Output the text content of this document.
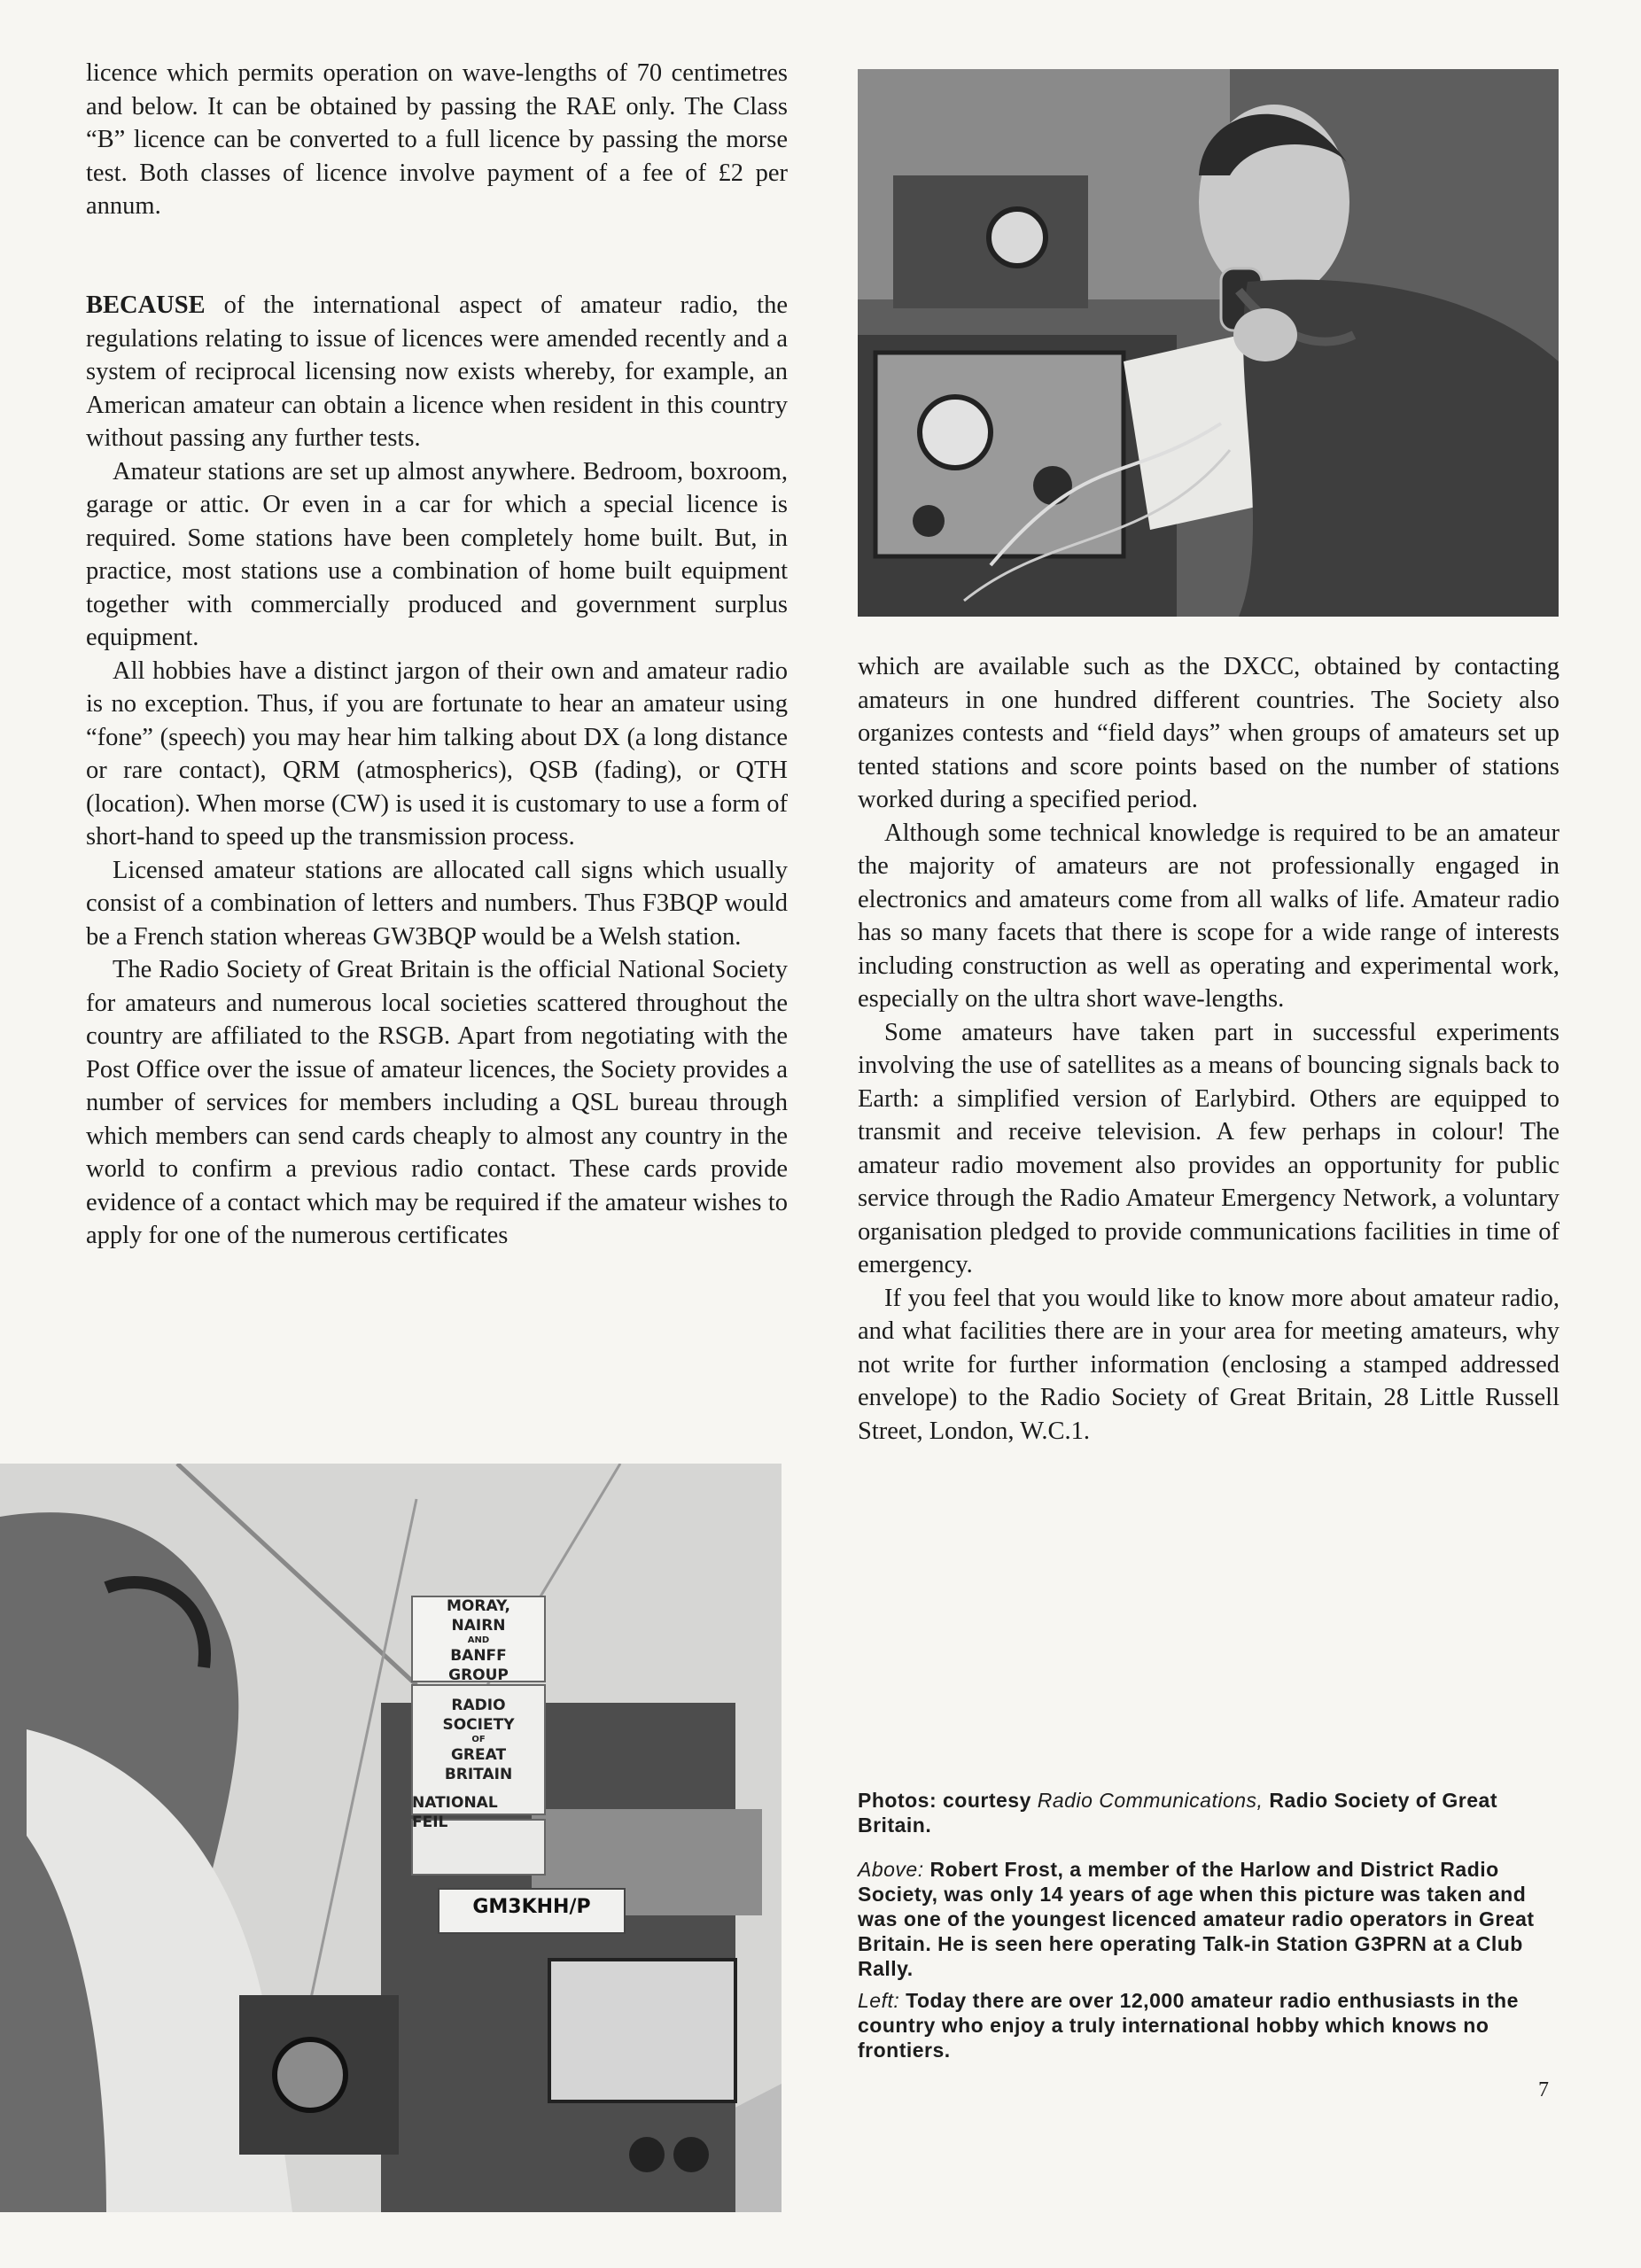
licence which permits operation on wave-lengths of 70 centimetres and below. It can be obtained by passing the RAE only. The Class “B” licence can be converted to a full licence by passing the morse test. Both classes of licence involve payment of a fee of £2 per annum.

BECAUSE of the international aspect of amateur radio, the regulations relating to issue of licences were amended recently and a system of reciprocal licensing now exists whereby, for example, an American amateur can obtain a licence when resident in this country without passing any further tests.

Amateur stations are set up almost anywhere. Bedroom, boxroom, garage or attic. Or even in a car for which a special licence is required. Some stations have been completely home built. But, in practice, most stations use a combination of home built equipment together with commercially produced and government surplus equipment.

All hobbies have a distinct jargon of their own and amateur radio is no exception. Thus, if you are fortunate to hear an amateur using “fone” (speech) you may hear him talking about DX (a long distance or rare contact), QRM (atmospherics), QSB (fading), or QTH (location). When morse (CW) is used it is customary to use a form of short-hand to speed up the transmission process.

Licensed amateur stations are allocated call signs which usually consist of a combination of letters and numbers. Thus F3BQP would be a French station whereas GW3BQP would be a Welsh station.

The Radio Society of Great Britain is the official National Society for amateurs and numerous local societies scattered throughout the country are affiliated to the RSGB. Apart from negotiating with the Post Office over the issue of amateur licences, the Society provides a number of services for members including a QSL bureau through which members can send cards cheaply to almost any country in the world to confirm a previous radio contact. These cards provide evidence of a contact which may be required if the amateur wishes to apply for one of the numerous certificates

which are available such as the DXCC, obtained by contacting amateurs in one hundred different countries. The Society also organizes contests and “field days” when groups of amateurs set up tented stations and score points based on the number of stations worked during a specified period.

Although some technical knowledge is required to be an amateur the majority of amateurs are not professionally engaged in electronics and amateurs come from all walks of life. Amateur radio has so many facets that there is scope for a wide range of interests including construction as well as operating and experimental work, especially on the ultra short wave-lengths.

Some amateurs have taken part in successful experiments involving the use of satellites as a means of bouncing signals back to Earth: a simplified version of Earlybird. Others are equipped to transmit and receive television. A few perhaps in colour! The amateur radio movement also provides an opportunity for public service through the Radio Amateur Emergency Network, a voluntary organisation pledged to provide communications facilities in time of emergency.

If you feel that you would like to know more about amateur radio, and what facilities there are in your area for meeting amateurs, why not write for further information (enclosing a stamped addressed envelope) to the Radio Society of Great Britain, 28 Little Russell Street, London, W.C.1.

MORAY,
NAIRN
AND
BANFF
GROUP
RADIO
SOCIETY
OF
GREAT
BRITAIN
NATIONAL
FEIL
GM3KHH/P

Photos: courtesy Radio Communications, Radio Society of Great Britain.

Above: Robert Frost, a member of the Harlow and District Radio Society, was only 14 years of age when this picture was taken and was one of the youngest licenced amateur radio operators in Great Britain. He is seen here operating Talk-in Station G3PRN at a Club Rally.

Left: Today there are over 12,000 amateur radio enthusiasts in the country who enjoy a truly international hobby which knows no frontiers.

7
